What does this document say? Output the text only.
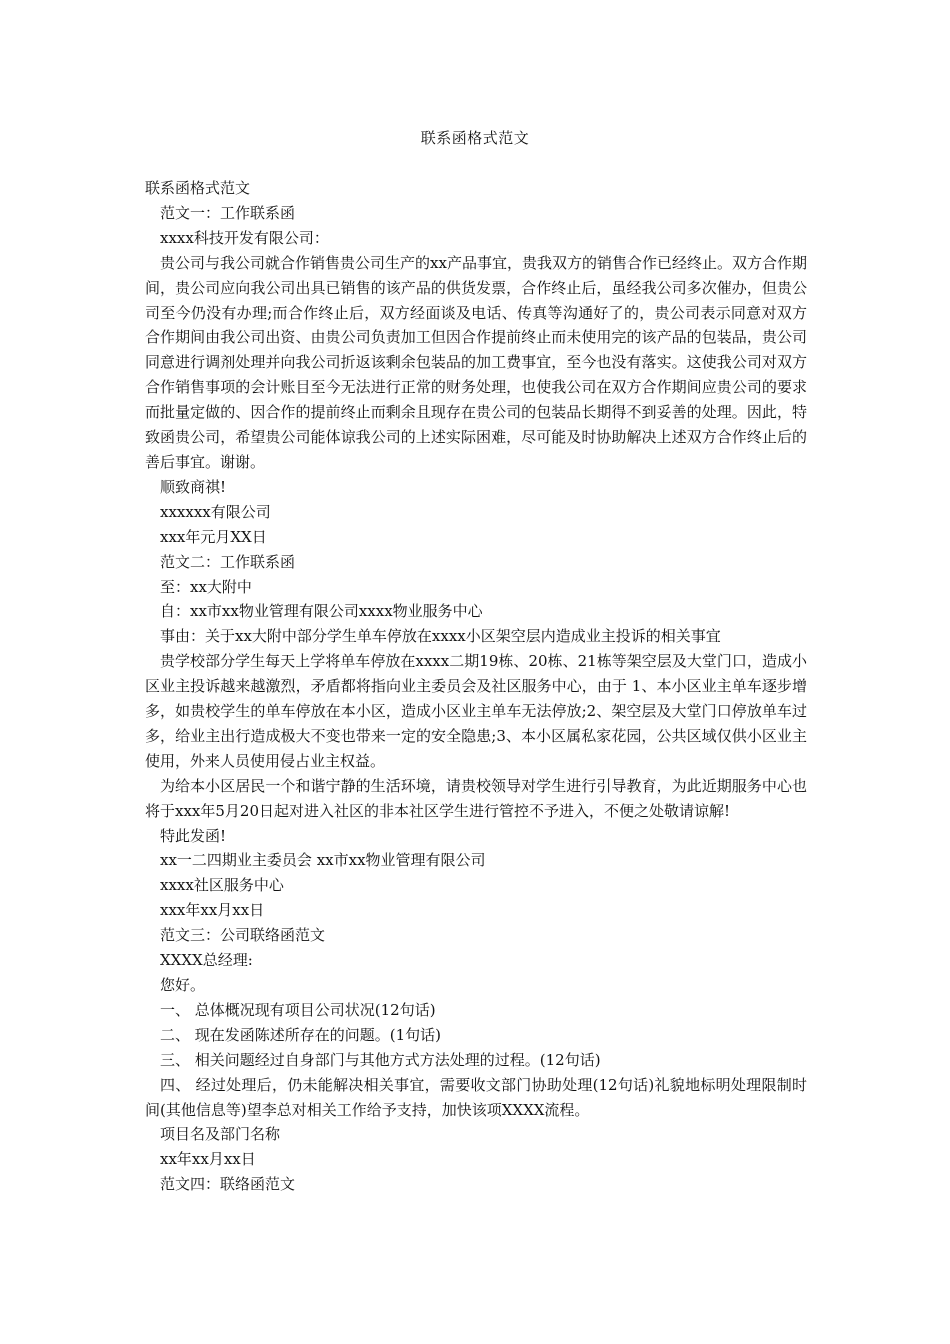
联系函格式范文

联系函格式范文

范文一：工作联系函

xxxx科技开发有限公司：

贵公司与我公司就合作销售贵公司生产的xx产品事宜，贵我双方的销售合作已经终止。双方合作期间，贵公司应向我公司出具已销售的该产品的供货发票，合作终止后，虽经我公司多次催办，但贵公司至今仍没有办理;而合作终止后，双方经面谈及电话、传真等沟通好了的，贵公司表示同意对双方合作期间由我公司出资、由贵公司负责加工但因合作提前终止而未使用完的该产品的包装品，贵公司同意进行调剂处理并向我公司折返该剩余包装品的加工费事宜，至今也没有落实。这使我公司对双方合作销售事项的会计账目至今无法进行正常的财务处理，也使我公司在双方合作期间应贵公司的要求而批量定做的、因合作的提前终止而剩余且现存在贵公司的包装品长期得不到妥善的处理。因此，特致函贵公司，希望贵公司能体谅我公司的上述实际困难，尽可能及时协助解决上述双方合作终止后的善后事宜。谢谢。

顺致商祺!

xxxxxx有限公司

xxx年元月XX日

范文二：工作联系函

至：xx大附中

自：xx市xx物业管理有限公司xxxx物业服务中心

事由：关于xx大附中部分学生单车停放在xxxx小区架空层内造成业主投诉的相关事宜

贵学校部分学生每天上学将单车停放在xxxx二期19栋、20栋、21栋等架空层及大堂门口，造成小区业主投诉越来越激烈，矛盾都将指向业主委员会及社区服务中心，由于 1、本小区业主单车逐步增多，如贵校学生的单车停放在本小区，造成小区业主单车无法停放;2、架空层及大堂门口停放单车过多，给业主出行造成极大不变也带来一定的安全隐患;3、本小区属私家花园，公共区域仅供小区业主使用，外来人员使用侵占业主权益。

为给本小区居民一个和谐宁静的生活环境，请贵校领导对学生进行引导教育，为此近期服务中心也将于xxx年5月20日起对进入社区的非本社区学生进行管控不予进入，不便之处敬请谅解!

特此发函!

xx一二四期业主委员会 xx市xx物业管理有限公司

xxxx社区服务中心

xxx年xx月xx日

范文三：公司联络函范文

XXXX总经理:

您好。

一、 总体概况现有项目公司状况(12句话)

二、 现在发函陈述所存在的问题。(1句话)

三、 相关问题经过自身部门与其他方式方法处理的过程。(12句话)

四、 经过处理后，仍未能解决相关事宜，需要收文部门协助处理(12句话)礼貌地标明处理限制时间(其他信息等)望李总对相关工作给予支持，加快该项XXXX流程。

项目名及部门名称

xx年xx月xx日

范文四：联络函范文
